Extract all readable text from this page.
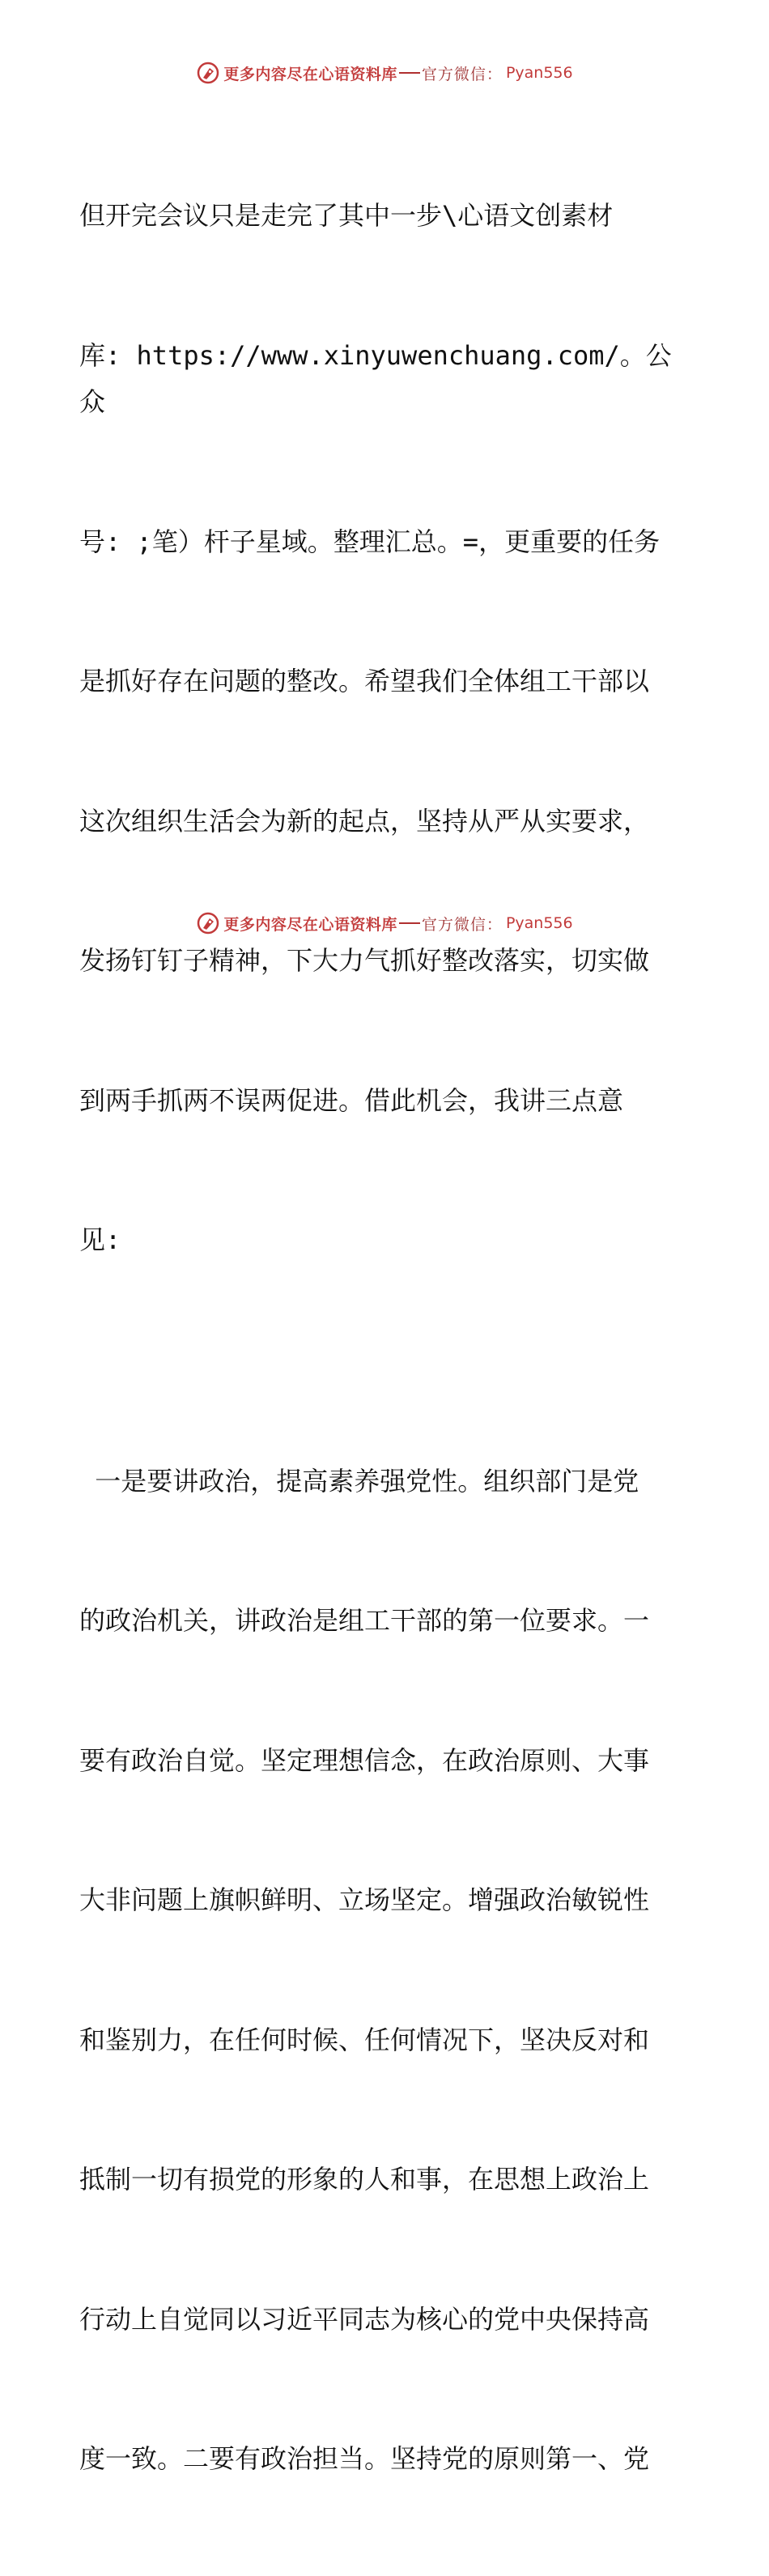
更多内容尽在心语资料库 官方微信： Pyan556

但开完会议只是走完了其中一步\心语文创素材

库: https://www.xinyuwenchuang.com/。公众

号: ;笔）杆子星域。整理汇总。=，更重要的任务

是抓好存在问题的整改。希望我们全体组工干部以

这次组织生活会为新的起点，坚持从严从实要求，

发扬钉钉子精神，下大力气抓好整改落实，切实做

到两手抓两不误两促进。借此机会，我讲三点意

见:

一是要讲政治，提高素养强党性。组织部门是党

的政治机关，讲政治是组工干部的第一位要求。一

要有政治自觉。坚定理想信念，在政治原则、大事

大非问题上旗帜鲜明、立场坚定。增强政治敏锐性

和鉴别力，在任何时候、任何情况下，坚决反对和

抵制一切有损党的形象的人和事，在思想上政治上

行动上自觉同以习近平同志为核心的党中央保持高

度一致。二要有政治担当。坚持党的原则第一、党

更多内容尽在心语资料库 官方微信： Pyan556
